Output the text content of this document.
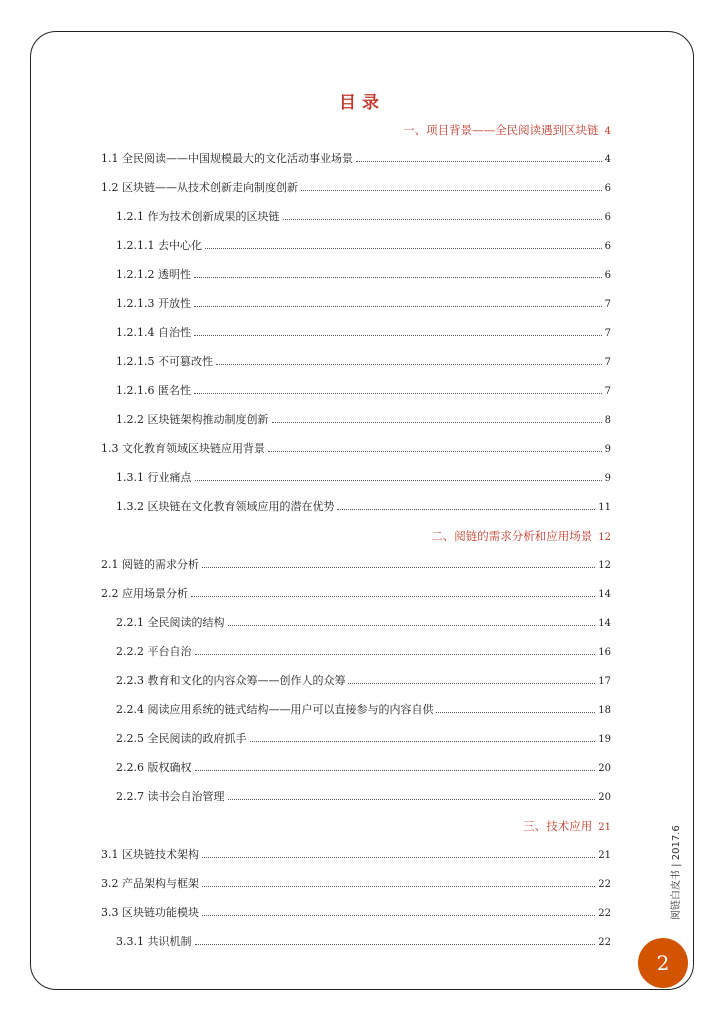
目录
一、项目背景——全民阅读遇到区块链 4
1.1 全民阅读——中国规模最大的文化活动事业场景	4
1.2 区块链——从技术创新走向制度创新	6
1.2.1 作为技术创新成果的区块链	6
1.2.1.1 去中心化	6
1.2.1.2 透明性	6
1.2.1.3 开放性	7
1.2.1.4 自治性	7
1.2.1.5 不可篡改性	7
1.2.1.6 匿名性	7
1.2.2 区块链架构推动制度创新	8
1.3 文化教育领域区块链应用背景	9
1.3.1 行业痛点	9
1.3.2 区块链在文化教育领域应用的潜在优势	11
二、阅链的需求分析和应用场景 12
2.1 阅链的需求分析	12
2.2 应用场景分析	14
2.2.1 全民阅读的结构	14
2.2.2 平台自治	16
2.2.3 教育和文化的内容众筹——创作人的众筹	17
2.2.4 阅读应用系统的链式结构——用户可以直接参与的内容自供	18
2.2.5 全民阅读的政府抓手	19
2.2.6 版权确权	20
2.2.7 读书会自治管理	20
三、技术应用 21
3.1 区块链技术架构	21
3.2 产品架构与框架	22
3.3 区块链功能模块	22
3.3.1 共识机制	22
阅链白皮书 | 2017.6
2
